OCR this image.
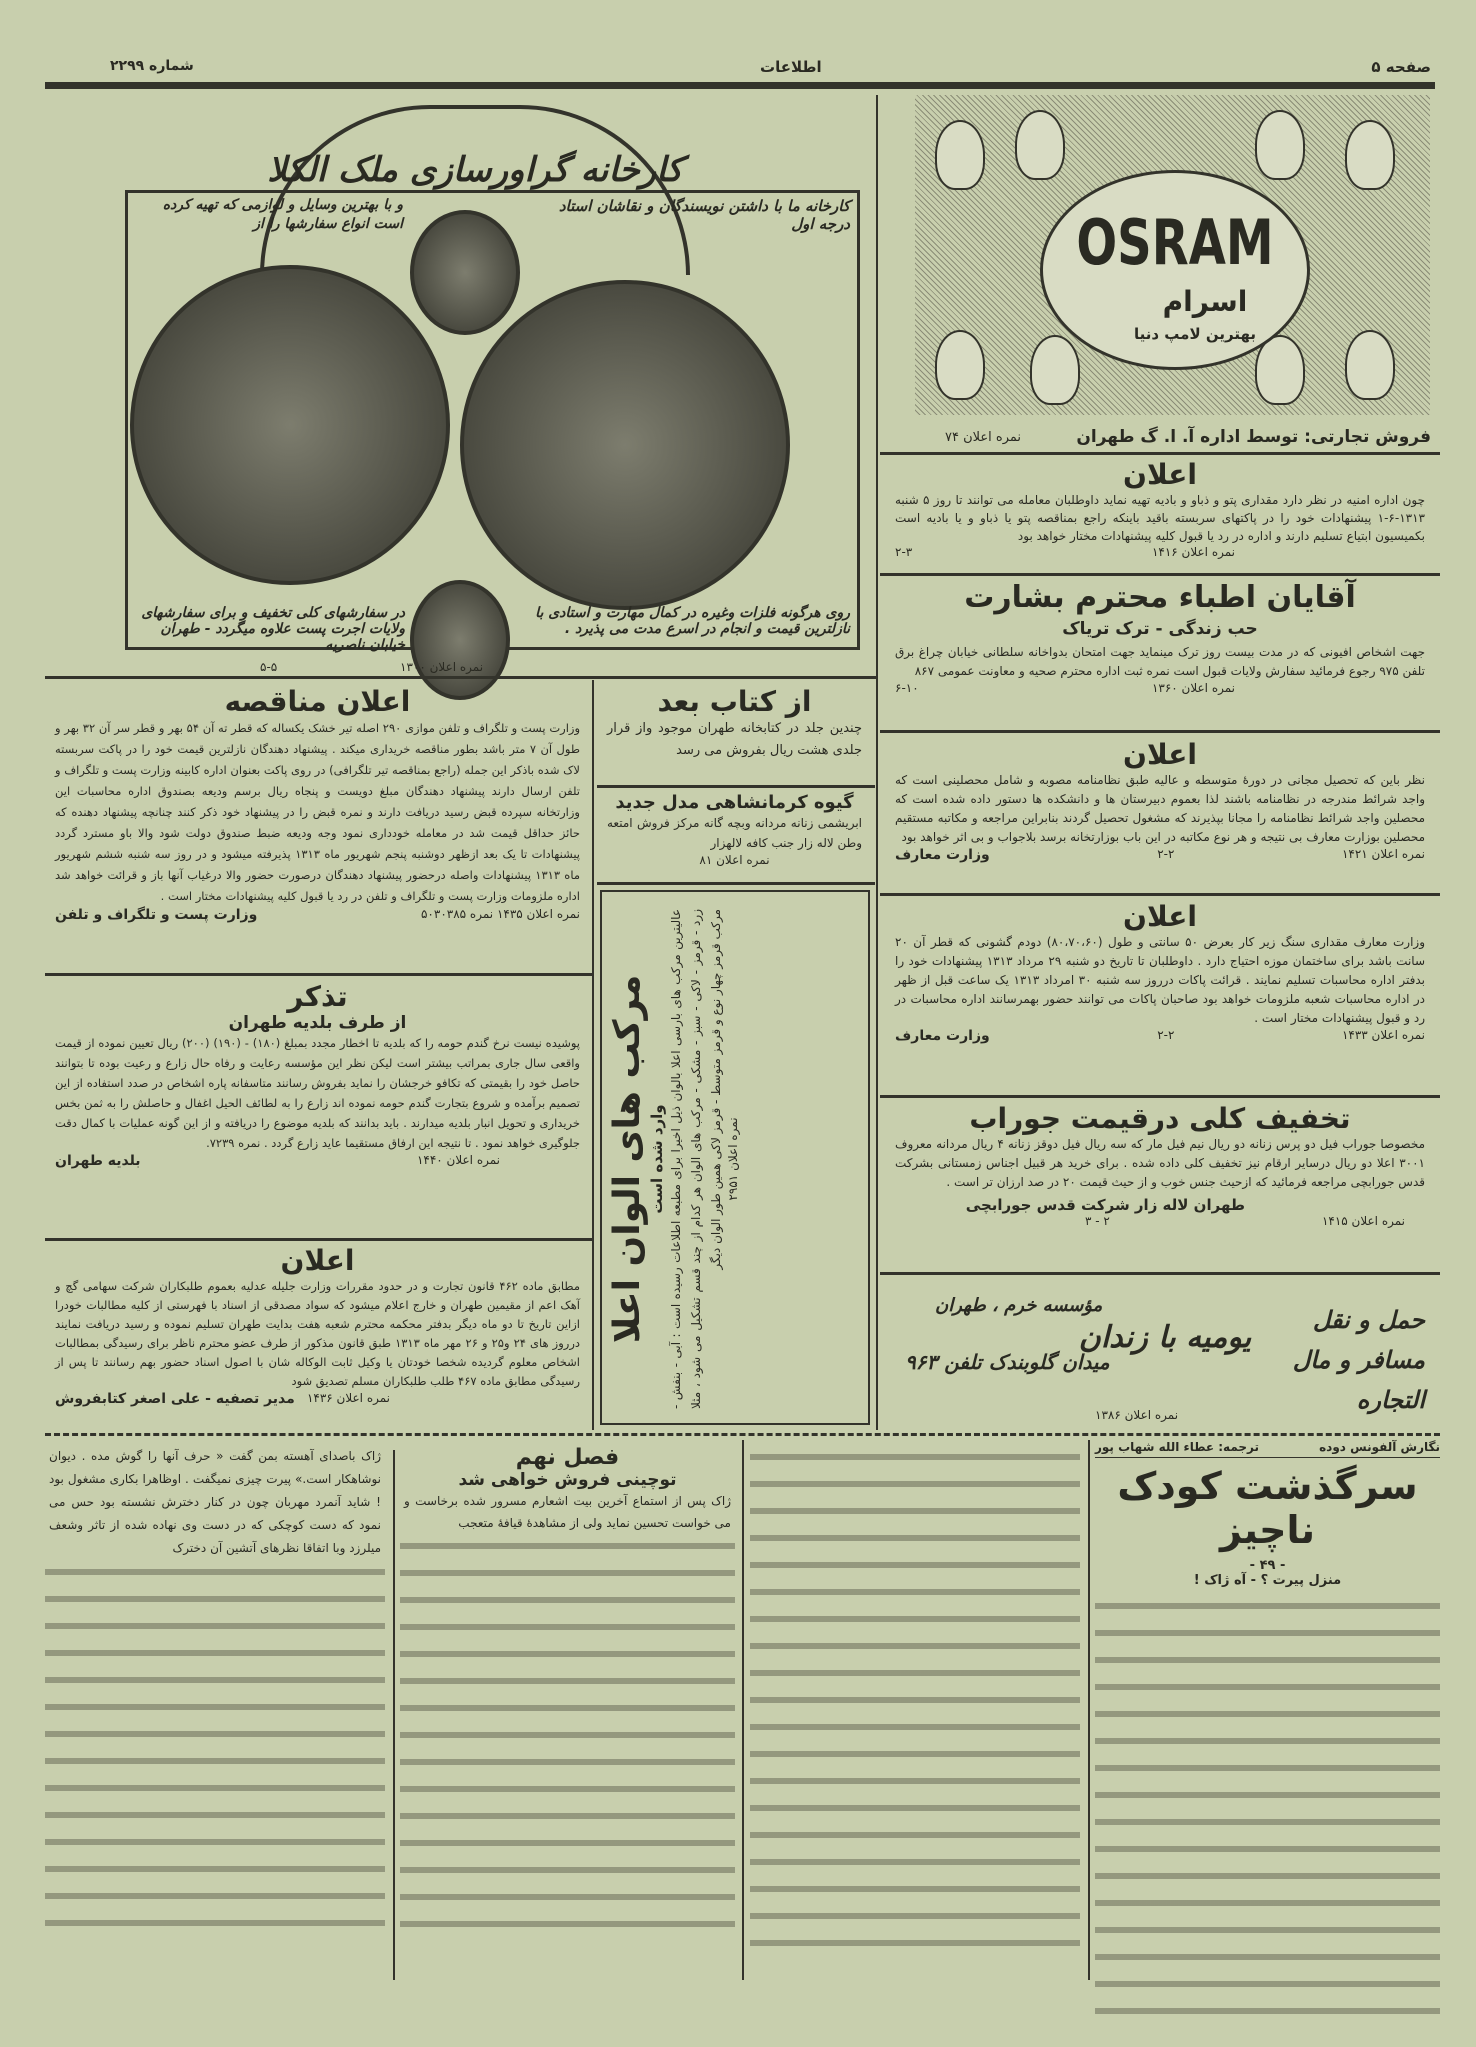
صفحه ۵
اطلاعات
شماره ۲۲۹۹
کارخانه گراورسازی ملک الکلا
کارخانه ما با داشتن نویسندگان و نقاشان استاد درجه اول
و با بهترین وسایل و لوازمی که تهیه کرده است انواع سفارشها را از
روی هرگونه فلزات وغیره در کمال مهارت و استادی با نازلترین قیمت و انجام در اسرع مدت می پذیرد .
در سفارشهای کلی تخفیف و برای سفارشهای ولایات اجرت پست علاوه میگردد - طهران خیابان ناصریه
نمره اعلان ۱۳۰۰
۵-۵
OSRAM
اسرام
بهترین لامپ دنیا
فروش تجارتی: توسط اداره آ. ا. گ طهران
نمره اعلان ۷۴
اعلان
چون اداره امنیه در نظر دارد مقداری پتو و ذباو و بادیه تهیه نماید داوطلبان معامله می توانند تا روز ۵ شنبه ۱۳۱۳-۶-۱ پیشنهادات خود را در پاکتهای سربسته باقید باینکه راجع بمناقصه پتو یا ذباو و یا بادیه است بکمیسیون ابتیاع تسلیم دارند و اداره در رد یا قبول کلیه پیشنهادات مختار خواهد بود
نمره اعلان ۱۴۱۶
۲-۳
آقایان اطباء محترم بشارت
حب زندگی - ترک تریاک
جهت اشخاص افیونی که در مدت بیست روز ترک مینماید جهت امتحان بدواخانه سلطانی خیابان چراغ برق تلفن ۹۷۵ رجوع فرمائید سفارش ولایات قبول است نمره ثبت اداره محترم صحیه و معاونت عمومی ۸۶۷
نمره اعلان ۱۳۶۰
۶-۱۰
اعلان
نظر باین که تحصیل مجانی در دورهٔ متوسطه و عالیه طبق نظامنامه مصوبه و شامل محصلینی است که واجد شرائط مندرجه در نظامنامه باشند لذا بعموم دبیرستان ها و دانشکده ها دستور داده شده است که محصلین واجد شرائط نظامنامه را مجانا بپذیرند که مشغول تحصیل گردند بنابراین مراجعه و مکاتبه مستقیم محصلین بوزارت معارف بی نتیجه و هر نوع مکاتبه در این باب بوزارتخانه برسد بلاجواب و بی اثر خواهد بود
نمره اعلان ۱۴۲۱
۲-۲
وزارت معارف
اعلان
وزارت معارف مقداری سنگ زیر کار بعرض ۵۰ سانتی و طول (۸۰،۷۰،۶۰) دودم گشونی که قطر آن ۲۰ سانت باشد برای ساختمان موزه احتیاج دارد . داوطلبان تا تاریخ دو شنبه ۲۹ مرداد ۱۳۱۳ پیشنهادات خود را بدفتر اداره محاسبات تسلیم نمایند . قرائت پاکات درروز سه شنبه ۳۰ امرداد ۱۳۱۳ یک ساعت قبل از ظهر در اداره محاسبات شعبه ملزومات خواهد بود صاحبان پاکات می توانند حضور بهمرسانند اداره محاسبات در رد و قبول پیشنهادات مختار است .
نمره اعلان ۱۴۳۳
۲-۲
وزارت معارف
تخفیف کلی درقیمت جوراب
مخصوصا جوراب فیل دو پرس زنانه دو ریال نیم فیل مار که سه ریال فیل دوقز زنانه ۴ ریال مردانه معروف ۳۰۰۱ اعلا دو ریال درسایر ارقام نیز تخفیف کلی داده شده . برای خرید هر قبیل اجناس زمستانی بشرکت قدس جورابچی مراجعه فرمائید که ازحیث جنس خوب و از حیث قیمت ۲۰ در صد ارزان تر است .
طهران لاله زار شرکت قدس جورابچی
نمره اعلان ۱۴۱۵
۲ - ۳
حمل و نقل مسافر و مال التجاره
یومیه با زندان
مؤسسه خرم ، طهران
میدان گلوبندک تلفن ۹۶۳
نمره اعلان ۱۳۸۶
از کتاب بعد
چندین جلد در کتابخانه طهران موجود واز قرار جلدی هشت ریال بفروش می رسد
گیوه کرمانشاهی مدل جدید
ابریشمی زنانه مردانه وبچه گانه مرکز فروش امتعه وطن لاله زار جنب کافه لالهزار
نمره اعلان ۸۱
مرکب های الوان اعلا وارد شده است عالیترین مرکب های بارسی اعلا بالوان ذیل اخیرا برای مطبعه اطلاعات رسیده است : آبی - بنفش - زرد - قرمز - لاکی - سبز - مشکی - مرکب های الوان هر کدام از چند قسم تشکیل می شود ، مثلا مرکب قرمز چهار نوع و قرمز متوسط - قرمز لاکی همین طور الوان دیگر نمره اعلان ۲۹۵۱
اعلان مناقصه
وزارت پست و تلگراف و تلفن موازی ۲۹۰ اصله تیر خشک یکساله که قطر ته آن ۵۴ بهر و قطر سر آن ۳۲ بهر و طول آن ۷ متر باشد بطور مناقصه خریداری میکند . پیشنهاد دهندگان نازلترین قیمت خود را در پاکت سربسته لاک شده باذکر این جمله (راجع بمناقصه تیر تلگرافی) در روی پاکت بعنوان اداره کابینه وزارت پست و تلگراف و تلفن ارسال دارند پیشنهاد دهندگان مبلغ دویست و پنجاه ریال برسم ودیعه بصندوق اداره محاسبات این وزارتخانه سپرده قبض رسید دریافت دارند و نمره قبض را در پیشنهاد خود ذکر کنند چنانچه پیشنهاد دهنده که حائز حداقل قیمت شد در معامله خودداری نمود وجه ودیعه ضبط صندوق دولت شود والا باو مسترد گردد پیشنهادات تا یک بعد ازظهر دوشنبه پنجم شهریور ماه ۱۳۱۳ پذیرفته میشود و در روز سه شنبه ششم شهریور ماه ۱۳۱۳ پیشنهادات واصله درحضور پیشنهاد دهندگان درصورت حضور والا درغیاب آنها باز و قرائت خواهد شد اداره ملزومات وزارت پست و تلگراف و تلفن در رد یا قبول کلیه پیشنهادات مختار است .
نمره اعلان ۱۴۳۵ نمره ۵۰۳۰۳۸۵
وزارت پست و تلگراف و تلفن
تذکر
از طرف بلدیه طهران
پوشیده نیست نرخ گندم حومه را که بلدیه تا اخطار مجدد بمبلغ (۱۸۰) - (۱۹۰) (۲۰۰) ریال تعیین نموده از قیمت واقعی سال جاری بمراتب بیشتر است لیکن نظر این مؤسسه رعایت و رفاه حال زارع و رعیت بوده تا بتوانند حاصل خود را بقیمتی که تکافو خرجشان را نماید بفروش رسانند متاسفانه پاره اشخاص در صدد استفاده از این تصمیم برآمده و شروع بتجارت گندم حومه نموده اند زارع را به لطائف الحیل اغفال و حاصلش را به ثمن بخس خریداری و تحویل انبار بلدیه میدارند . باید بدانند که بلدیه موضوع را دریافته و از این گونه عملیات با کمال دقت جلوگیری خواهد نمود . تا نتیجه این ارفاق مستقیما عاید زارع گردد . نمره ۷۲۳۹.
نمره اعلان ۱۴۴۰
بلدیه طهران
اعلان
مطابق ماده ۴۶۲ قانون تجارت و در حدود مقررات وزارت جلیله عدلیه بعموم طلبکاران شرکت سهامی گچ و آهک اعم از مقیمین طهران و خارج اعلام میشود که سواد مصدقی از اسناد با فهرستی از کلیه مطالبات خودرا ازاین تاریخ تا دو ماه دیگر بدفتر محکمه محترم شعبه هفت بدایت طهران تسلیم نموده و رسید دریافت نمایند درروز های ۲۴ و۲۵ و ۲۶ مهر ماه ۱۳۱۳ طبق قانون مذکور از طرف عضو محترم ناظر برای رسیدگی بمطالبات اشخاص معلوم گردیده شخصا خودتان یا وکیل ثابت الوکاله شان با اصول اسناد حضور بهم رسانند تا پس از رسیدگی مطابق ماده ۴۶۷ طلب طلبکاران مسلم تصدیق شود
نمره اعلان ۱۴۳۶
مدیر تصفیه - علی اصغر کتابفروش
نگارش آلفونس دوده
ترجمه: عطاء الله شهاب پور
سرگذشت کودک ناچیز
- ۴۹ -
منزل پیرت ؟ - آه ژاک !
فصل نهم
توچینی فروش خواهی شد
ژاک پس از استماع آخرین بیت اشعارم مسرور شده برخاست و می خواست تحسین نماید ولی از مشاهدهٔ قیافهٔ متعجب
ژاک باصدای آهسته بمن گفت « حرف آنها را گوش مده . دیوان نوشاهکار است.» پیرت چیزی نمیگفت . اوظاهرا بکاری مشغول بود ! شاید آنمرد مهربان چون در کنار دخترش نشسته بود حس می نمود که دست کوچکی که در دست وی نهاده شده از تاثر وشعف میلرزد وبا اتفاقا نظرهای آتشین آن دخترک
